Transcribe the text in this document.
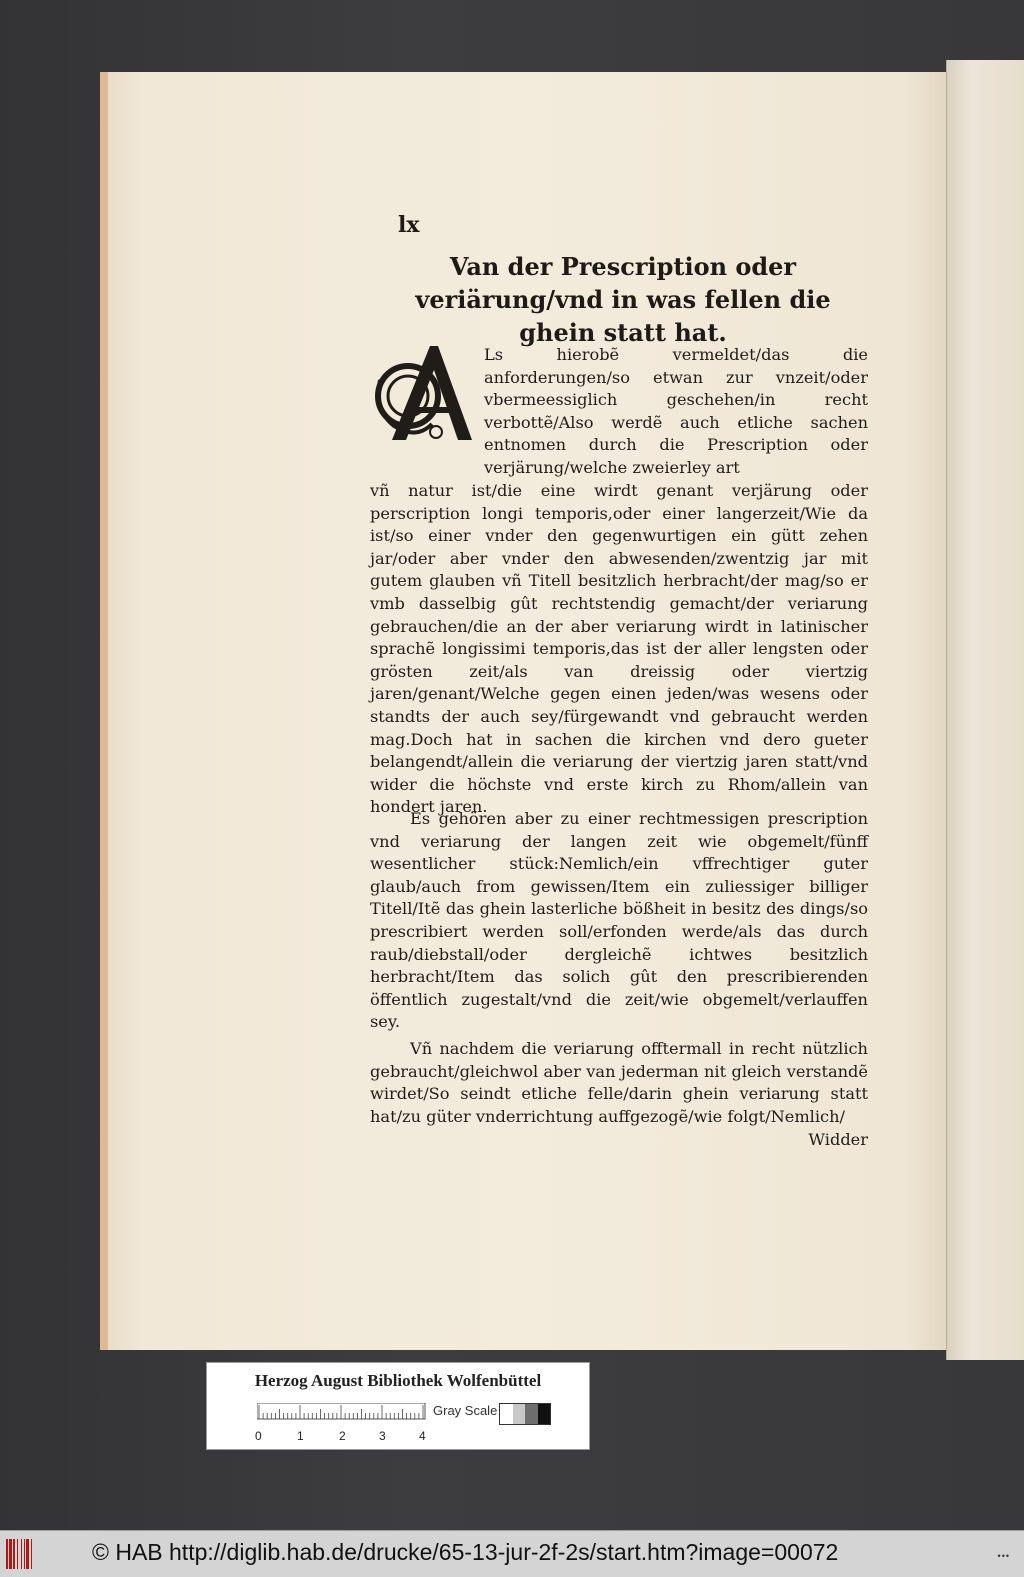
lx
Van der Prescription oder veriärung/vnd in was fellen die ghein statt hat.

Ls hierobẽ vermeldet/das die anforderungen/so etwan zur vnzeit/oder vbermeessiglich geschehen/in recht verbottẽ/Also werdẽ auch etliche sachen entnomen durch die Prescription oder verjärung/welche zweierley art

vñ natur ist/die eine wirdt genant verjärung oder perscription longi temporis,oder einer langerzeit/Wie da ist/so einer vnder den gegenwurtigen ein gütt zehen jar/oder aber vnder den abwesenden/zwentzig jar mit gutem glauben vñ Titell besitzlich herbracht/der mag/so er vmb dasselbig gût rechtstendig gemacht/der veriarung gebrauchen/die an der aber veriarung wirdt in latinischer sprachẽ longissimi temporis,das ist der aller lengsten oder grösten zeit/als van dreissig oder viertzig jaren/genant/Welche gegen einen jeden/was wesens oder standts der auch sey/fürgewandt vnd gebraucht werden mag.Doch hat in sachen die kirchen vnd dero gueter belangendt/allein die veriarung der viertzig jaren statt/vnd wider die höchste vnd erste kirch zu Rhom/allein van hondert jaren.

Es gehören aber zu einer rechtmessigen prescription vnd veriarung der langen zeit wie obgemelt/fünff wesentlicher stück:Nemlich/ein vffrechtiger guter glaub/auch from gewissen/Item ein zuliessiger billiger Titell/Itẽ das ghein lasterliche bößheit in besitz des dings/so prescribiert werden soll/erfonden werde/als das durch raub/diebstall/oder dergleichẽ ichtwes besitzlich herbracht/Item das solich gût den prescribierenden öffentlich zugestalt/vnd die zeit/wie obgemelt/verlauffen sey.

Vñ nachdem die veriarung offtermall in recht nützlich gebraucht/gleichwol aber van jederman nit gleich verstandẽ wirdet/So seindt etliche felle/darin ghein veriarung statt hat/zu güter vnderrichtung auffgezogẽ/wie folgt/Nemlich/

Widder

Herzog August Bibliothek Wolfenbüttel
0	1	2	3	4
Gray Scale
© HAB http://diglib.hab.de/drucke/65-13-jur-2f-2s/start.htm?image=00072	•••
